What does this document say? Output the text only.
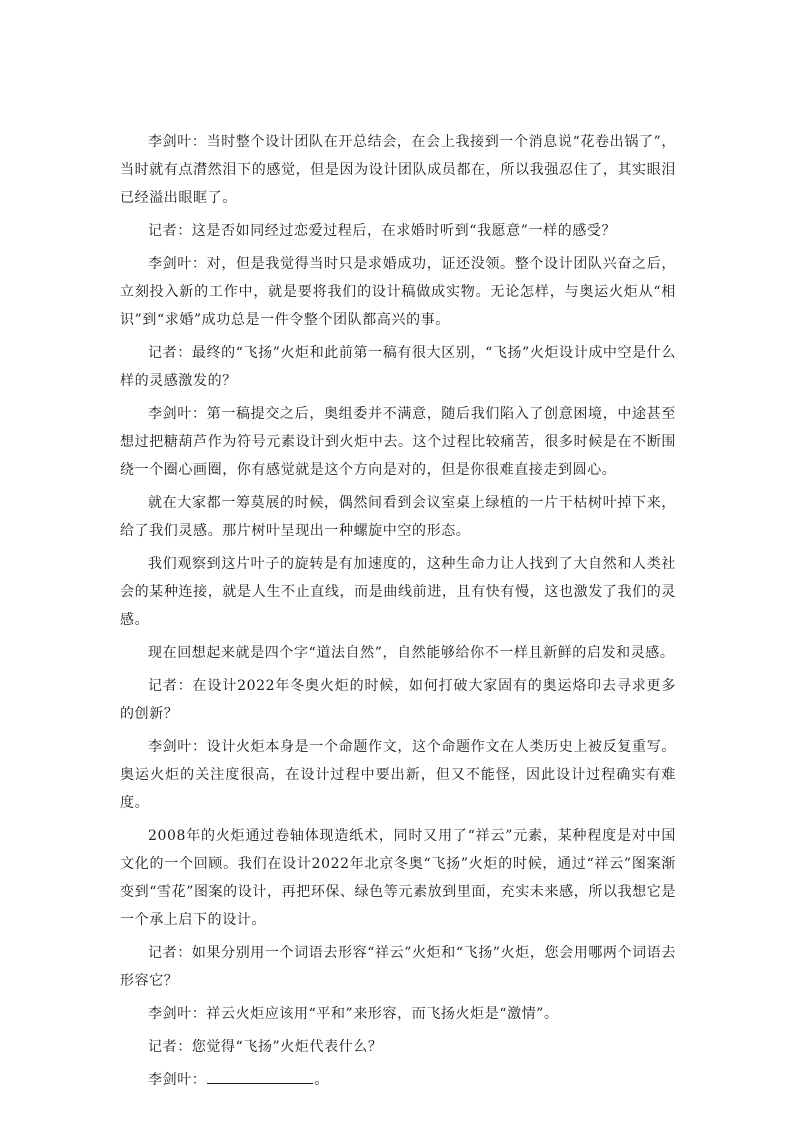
李剑叶：当时整个设计团队在开总结会，在会上我接到一个消息说“花卷出锅了”，当时就有点潸然泪下的感觉，但是因为设计团队成员都在，所以我强忍住了，其实眼泪已经溢出眼眶了。

记者：这是否如同经过恋爱过程后，在求婚时听到“我愿意”一样的感受？

李剑叶：对，但是我觉得当时只是求婚成功，证还没领。整个设计团队兴奋之后，立刻投入新的工作中，就是要将我们的设计稿做成实物。无论怎样，与奥运火炬从“相识”到“求婚”成功总是一件令整个团队都高兴的事。

记者：最终的“飞扬”火炬和此前第一稿有很大区别，“飞扬”火炬设计成中空是什么样的灵感激发的？

李剑叶：第一稿提交之后，奥组委并不满意，随后我们陷入了创意困境，中途甚至想过把糖葫芦作为符号元素设计到火炬中去。这个过程比较痛苦，很多时候是在不断围绕一个圈心画圈，你有感觉就是这个方向是对的，但是你很难直接走到圆心。

就在大家都一筹莫展的时候，偶然间看到会议室桌上绿植的一片干枯树叶掉下来，给了我们灵感。那片树叶呈现出一种螺旋中空的形态。

我们观察到这片叶子的旋转是有加速度的，这种生命力让人找到了大自然和人类社会的某种连接，就是人生不止直线，而是曲线前进，且有快有慢，这也激发了我们的灵感。

现在回想起来就是四个字“道法自然”，自然能够给你不一样且新鲜的启发和灵感。

记者：在设计2022年冬奥火炬的时候，如何打破大家固有的奥运烙印去寻求更多的创新？

李剑叶：设计火炬本身是一个命题作文，这个命题作文在人类历史上被反复重写。奥运火炬的关注度很高，在设计过程中要出新，但又不能怪，因此设计过程确实有难度。

2008年的火炬通过卷轴体现造纸术，同时又用了“祥云”元素，某种程度是对中国文化的一个回顾。我们在设计2022年北京冬奥“飞扬”火炬的时候，通过“祥云”图案渐变到“雪花”图案的设计，再把环保、绿色等元素放到里面，充实未来感，所以我想它是一个承上启下的设计。

记者：如果分别用一个词语去形容“祥云”火炬和“飞扬”火炬，您会用哪两个词语去形容它？

李剑叶：祥云火炬应该用“平和”来形容，而飞扬火炬是“激情”。

记者：您觉得“飞扬”火炬代表什么？

李剑叶：	。
